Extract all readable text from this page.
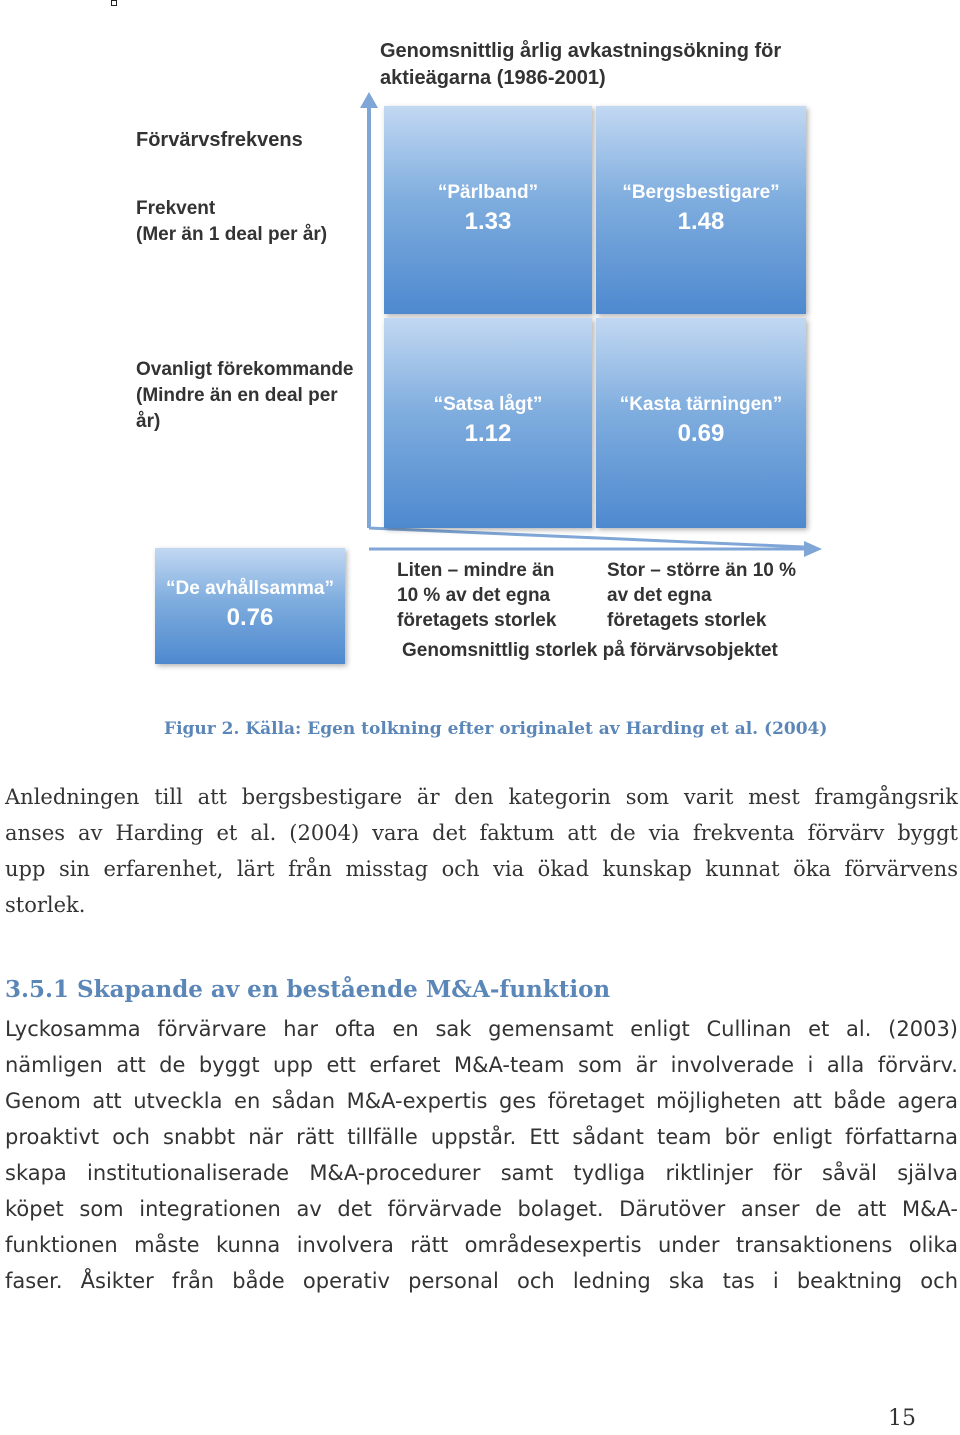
Genomsnittlig årlig avkastningsökning för aktieägarna (1986-2001)

Förvärvsfrekvens

Frekvent
(Mer än 1 deal per år)

Ovanligt förekommande
(Mindre än en deal per
år)

“Pärlband”
1.33
“Bergsbestigare”
1.48
“Satsa lågt”
1.12
“Kasta tärningen”
0.69
“De avhållsamma”
0.76

Liten – mindre än
10 % av det egna
företagets storlek

Stor – större än 10 %
av det egna
företagets storlek

Genomsnittlig storlek på förvärvsobjektet

Figur 2. Källa: Egen tolkning efter originalet av Harding et al. (2004)

Anledningen till att bergsbestigare är den kategorin som varit mest framgångsrik
anses av Harding et al. (2004) vara det faktum att de via frekventa förvärv byggt
upp sin erfarenhet, lärt från misstag och via ökad kunskap kunnat öka förvärvens
storlek.
3.5.1 Skapande av en bestående M&A-funktion
Lyckosamma förvärvare har ofta en sak gemensamt enligt Cullinan et al. (2003)
nämligen att de byggt upp ett erfaret M&A-team som är involverade i alla förvärv.
Genom att utveckla en sådan M&A-expertis ges företaget möjligheten att både agera
proaktivt och snabbt när rätt tillfälle uppstår. Ett sådant team bör enligt författarna
skapa institutionaliserade M&A-procedurer samt tydliga riktlinjer för såväl själva
köpet som integrationen av det förvärvade bolaget. Därutöver anser de att M&A-
funktionen måste kunna involvera rätt områdesexpertis under transaktionens olika
faser. Åsikter från både operativ personal och ledning ska tas i beaktning och

15
